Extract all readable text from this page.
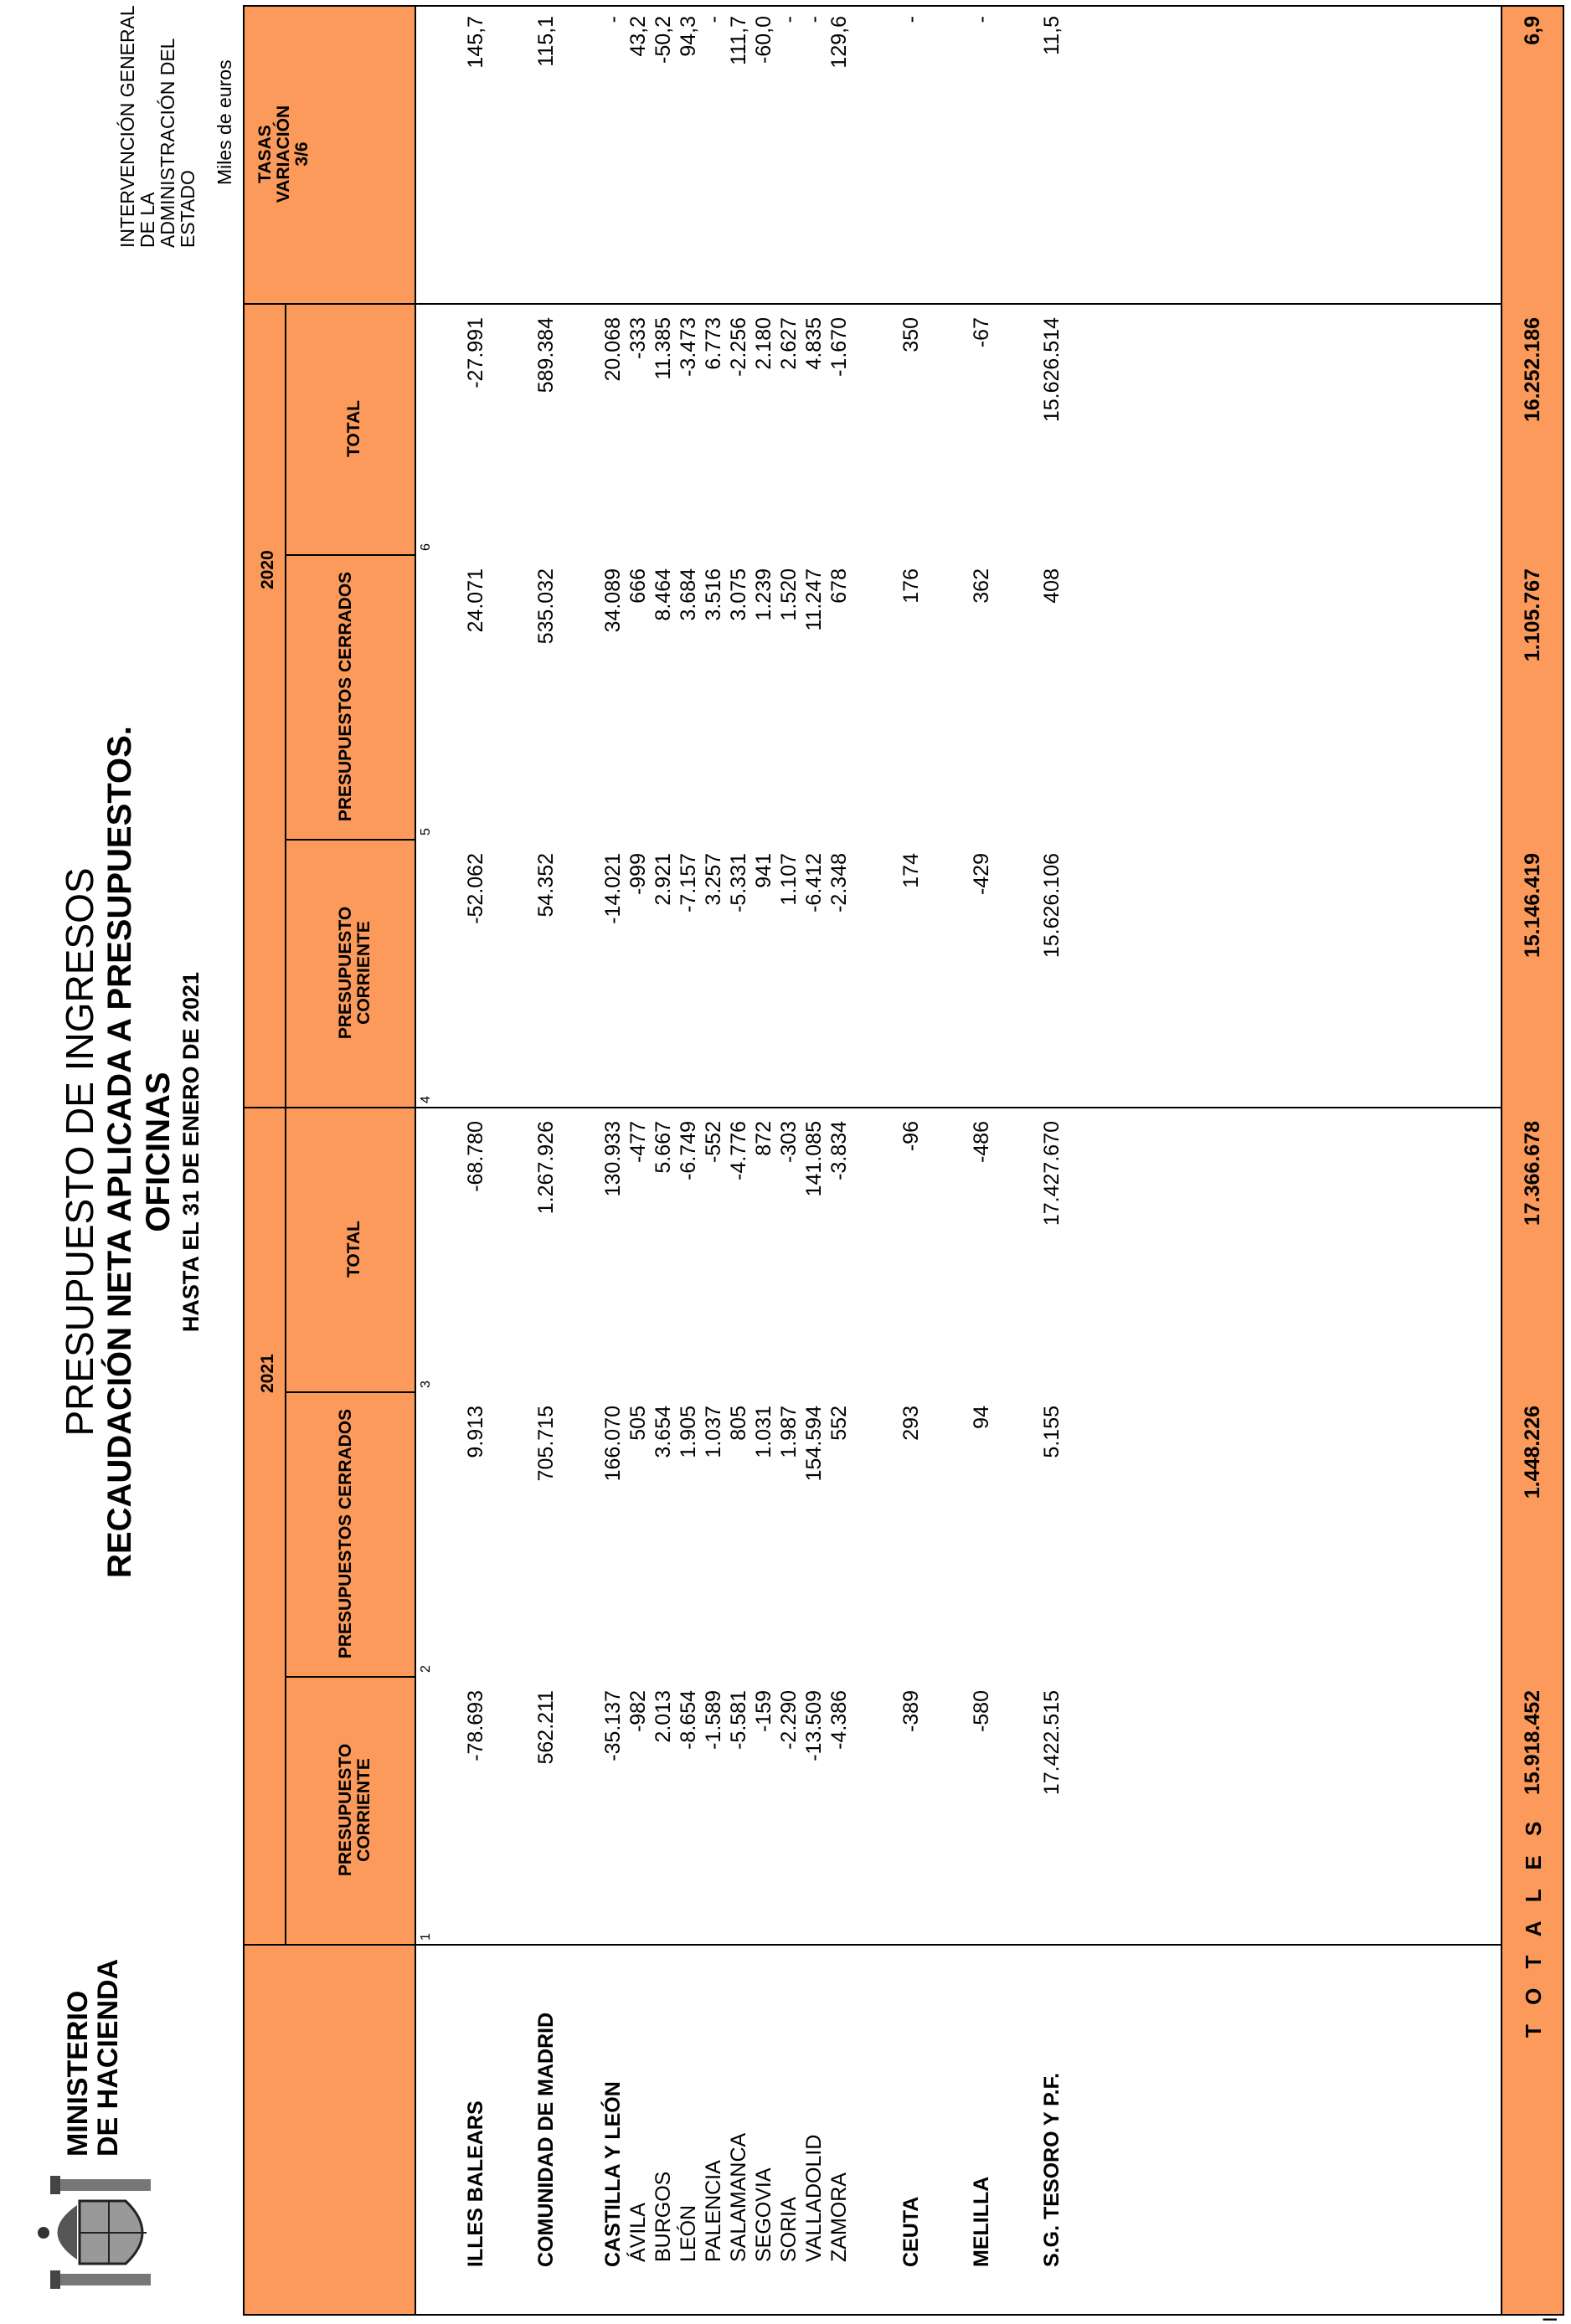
MINISTERIO
DE HACIENDA
PRESUPUESTO DE INGRESOS RECAUDACIÓN NETA APLICADA A PRESUPUESTOS. OFICINAS HASTA EL 31 DE ENERO DE 2021
INTERVENCIÓN GENERAL DE LA
ADMINISTRACIÓN DEL ESTADO
Miles de euros
2021
2020
PRESUPUESTO CORRIENTE
PRESUPUESTOS CERRADOS
TOTAL
PRESUPUESTO CORRIENTE
PRESUPUESTOS CERRADOS
TOTAL
TASAS VARIACIÓN 3/6
1
2
3
4
5
6
ILLES BALEARS
-78.693
9.913
-68.780
-52.062
24.071
-27.991
145,7
COMUNIDAD DE MADRID
562.211
705.715
1.267.926
54.352
535.032
589.384
115,1
CASTILLA Y LEÓN
-35.137
166.070
130.933
-14.021
34.089
20.068
-
ÁVILA
-982
505
-477
-999
666
-333
43,2
BURGOS
2.013
3.654
5.667
2.921
8.464
11.385
-50,2
LEÓN
-8.654
1.905
-6.749
-7.157
3.684
-3.473
94,3
PALENCIA
-1.589
1.037
-552
3.257
3.516
6.773
-
SALAMANCA
-5.581
805
-4.776
-5.331
3.075
-2.256
111,7
SEGOVIA
-159
1.031
872
941
1.239
2.180
-60,0
SORIA
-2.290
1.987
-303
1.107
1.520
2.627
-
VALLADOLID
-13.509
154.594
141.085
-6.412
11.247
4.835
-
ZAMORA
-4.386
552
-3.834
-2.348
678
-1.670
129,6
CEUTA
-389
293
-96
174
176
350
-
MELILLA
-580
94
-486
-429
362
-67
-
S.G. TESORO Y P.F.
17.422.515
5.155
17.427.670
15.626.106
408
15.626.514
11,5
T O T A L E S
15.918.452
1.448.226
17.366.678
15.146.419
1.105.767
16.252.186
6,9
